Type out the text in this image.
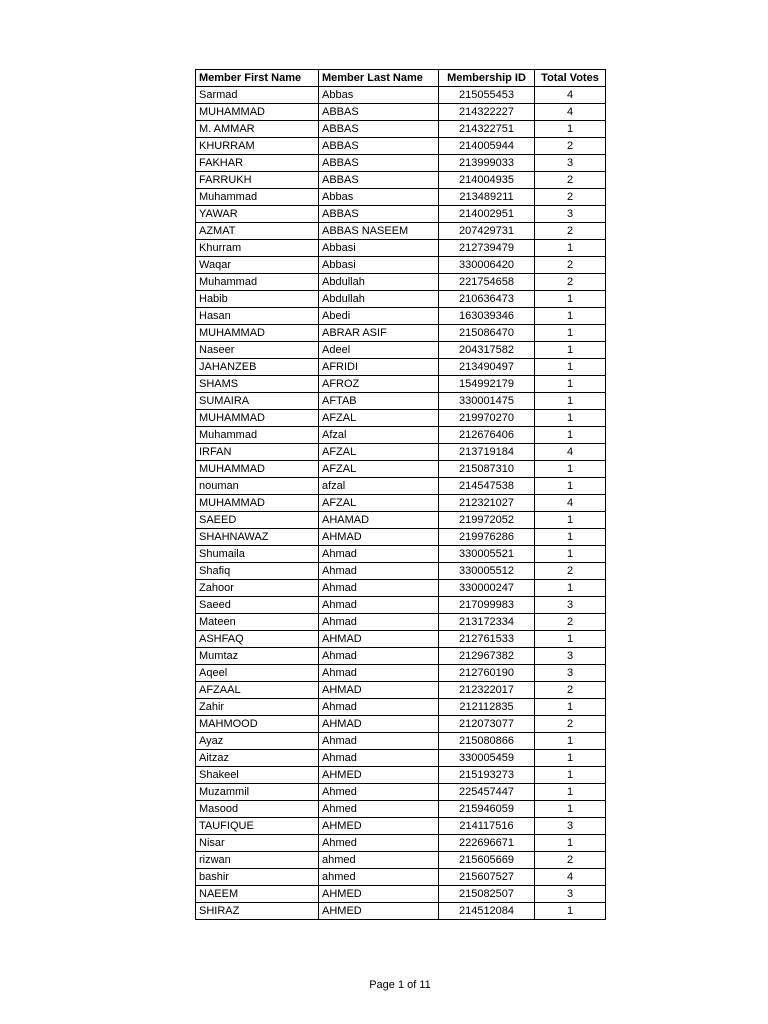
Member First Name	Member Last Name	Membership ID	Total Votes
Sarmad	Abbas	215055453	4
MUHAMMAD	ABBAS	214322227	4
M. AMMAR	ABBAS	214322751	1
KHURRAM	ABBAS	214005944	2
FAKHAR	ABBAS	213999033	3
FARRUKH	ABBAS	214004935	2
Muhammad	Abbas	213489211	2
YAWAR	ABBAS	214002951	3
AZMAT	ABBAS NASEEM	207429731	2
Khurram	Abbasi	212739479	1
Waqar	Abbasi	330006420	2
Muhammad	Abdullah	221754658	2
Habib	Abdullah	210636473	1
Hasan	Abedi	163039346	1
MUHAMMAD	ABRAR ASIF	215086470	1
Naseer	Adeel	204317582	1
JAHANZEB	AFRIDI	213490497	1
SHAMS	AFROZ	154992179	1
SUMAIRA	AFTAB	330001475	1
MUHAMMAD	AFZAL	219970270	1
Muhammad	Afzal	212676406	1
IRFAN	AFZAL	213719184	4
MUHAMMAD	AFZAL	215087310	1
nouman	afzal	214547538	1
MUHAMMAD	AFZAL	212321027	4
SAEED	AHAMAD	219972052	1
SHAHNAWAZ	AHMAD	219976286	1
Shumaila	Ahmad	330005521	1
Shafiq	Ahmad	330005512	2
Zahoor	Ahmad	330000247	1
Saeed	Ahmad	217099983	3
Mateen	Ahmad	213172334	2
ASHFAQ	AHMAD	212761533	1
Mumtaz	Ahmad	212967382	3
Aqeel	Ahmad	212760190	3
AFZAAL	AHMAD	212322017	2
Zahir	Ahmad	212112835	1
MAHMOOD	AHMAD	212073077	2
Ayaz	Ahmad	215080866	1
Aitzaz	Ahmad	330005459	1
Shakeel	AHMED	215193273	1
Muzammil	Ahmed	225457447	1
Masood	Ahmed	215946059	1
TAUFIQUE	AHMED	214117516	3
Nisar	Ahmed	222696671	1
rizwan	ahmed	215605669	2
bashir	ahmed	215607527	4
NAEEM	AHMED	215082507	3
SHIRAZ	AHMED	214512084	1
Page 1 of 11
